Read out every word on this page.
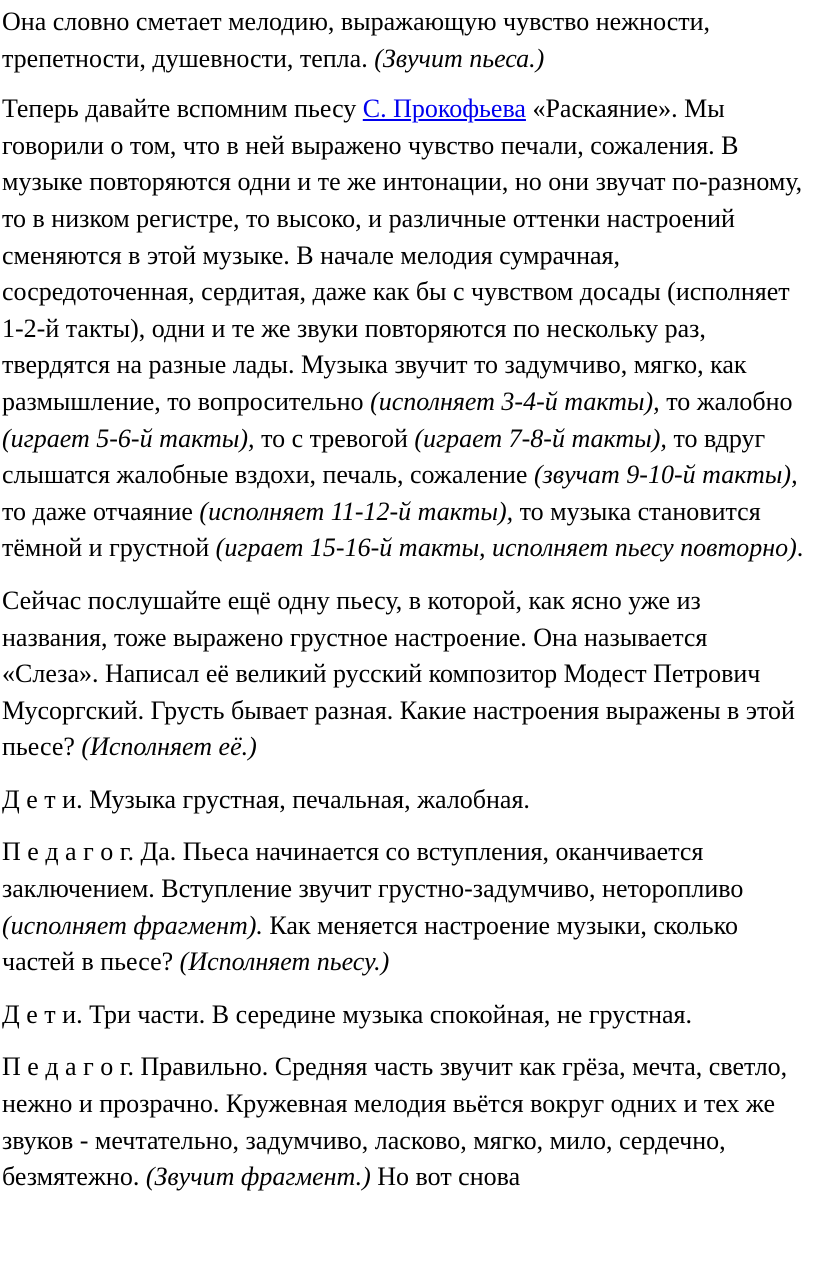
Она словно сметает мелодию, выражающую чувство нежности, трепетности, душевности, тепла. (Звучит пьеса.)

Теперь давайте вспомним пьесу С. Прокофьева «Раскаяние». Мы говорили о том, что в ней выражено чувство печали, сожаления. В музыке повторяются одни и те же интонации, но они звучат по-разному, то в низком регистре, то высоко, и различные оттенки настроений сменяются в этой музыке. В начале мелодия сумрачная, сосредоточенная, сердитая, даже как бы с чувством досады (исполняет 1-2-й такты), одни и те же звуки повторяются по нескольку раз, твердятся на разные лады. Музыка звучит то задумчиво, мягко, как размышление, то вопросительно (исполняет 3-4-й такты), то жалобно (играет 5-6-й такты), то с тревогой (играет 7-8-й такты), то вдруг слышатся жалобные вздохи, печаль, сожаление (звучат 9-10-й такты), то даже отчаяние (исполняет 11-12-й такты), то музыка становится тёмной и грустной (играет 15-16-й такты, исполняет пьесу повторно).

Сейчас послушайте ещё одну пьесу, в которой, как ясно уже из названия, тоже выражено грустное настроение. Она называется «Слеза». Написал её великий русский композитор Модест Петрович Мусоргский. Грусть бывает разная. Какие настроения выражены в этой пьесе? (Исполняет её.)

Д е т и. Музыка грустная, печальная, жалобная.

П е д а г о г. Да. Пьеса начинается со вступления, оканчивается заключением. Вступление звучит грустно-задумчиво, неторопливо (исполняет фрагмент). Как меняется настроение музыки, сколько частей в пьесе? (Исполняет пьесу.)

Д е т и. Три части. В середине музыка спокойная, не грустная.

П е д а г о г. Правильно. Средняя часть звучит как грёза, мечта, светло, нежно и прозрачно. Кружевная мелодия вьётся вокруг одних и тех же звуков - мечтательно, задумчиво, ласково, мягко, мило, сердечно, безмятежно. (Звучит фрагмент.) Но вот снова
